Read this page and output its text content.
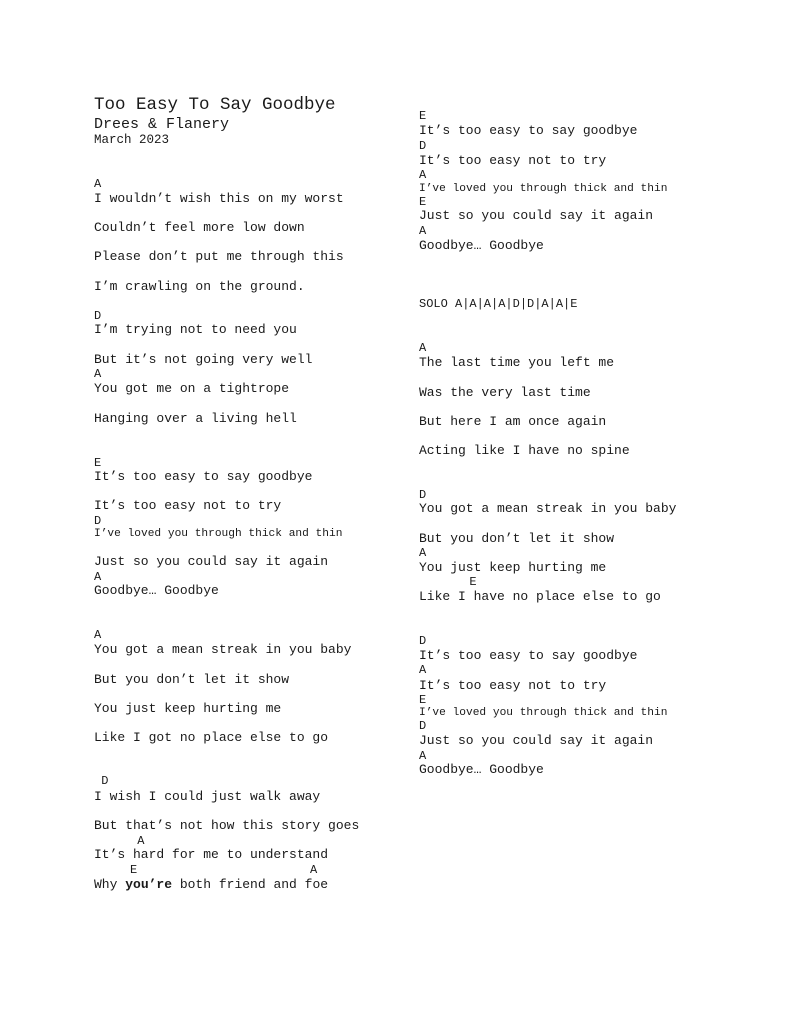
Too Easy To Say Goodbye
Drees & Flanery
March 2023
A
I wouldn’t wish this on my worst
Couldn’t feel more low down
Please don’t put me through this
I’m crawling on the ground.
D
I’m trying not to need you
But it’s not going very well
A
You got me on a tightrope
Hanging over a living hell
E
It’s too easy to say goodbye
It’s too easy not to try
D
I’ve loved you through thick and thin
Just so you could say it again
A
Goodbye… Goodbye
A
You got a mean streak in you baby
But you don’t let it show
You just keep hurting me
Like I got no place else to go
D
I wish I could just walk away
But that’s not how this story goes
A
It’s hard for me to understand
E                        A
Why you’re both friend and foe
E
It’s too easy to say goodbye
D
It’s too easy not to try
A
I’ve loved you through thick and thin
E
Just so you could say it again
A
Goodbye… Goodbye
SOLO A|A|A|A|D|D|A|A|E
A
The last time you left me
Was the very last time
But here I am once again
Acting like I have no spine
D
You got a mean streak in you baby
But you don’t let it show
A
You just keep hurting me
E
Like I have no place else to go
D
It’s too easy to say goodbye
A
It’s too easy not to try
E
I’ve loved you through thick and thin
D
Just so you could say it again
A
Goodbye… Goodbye
